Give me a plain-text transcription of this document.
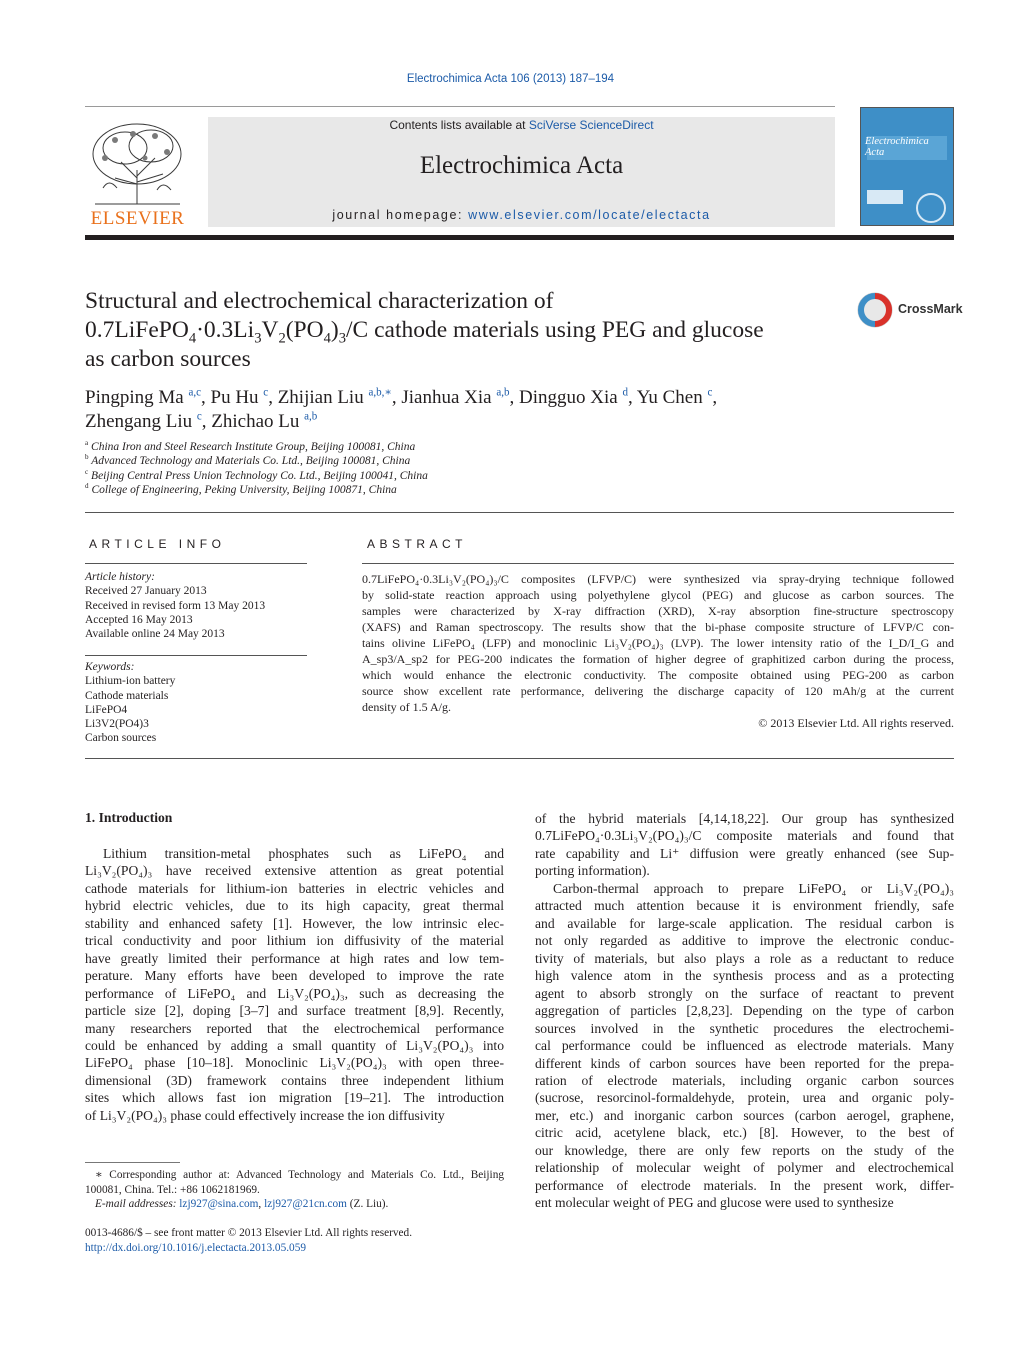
Electrochimica Acta 106 (2013) 187–194
ELSEVIER
Contents lists available at SciVerse ScienceDirect
Electrochimica Acta
journal homepage: www.elsevier.com/locate/electacta
Electrochimica Acta
Structural and electrochemical characterization of
$0.7LiFePO_4\cdot 0.3Li_3V_2(PO_4)_3/C$ cathode materials using PEG and glucose
as carbon sources
CrossMark
Pingping Ma $^{a,c}$, Pu Hu $^c$, Zhijian Liu $^{a,b,∗}$, Jianhua Xia $^{a,b}$, Dingguo Xia $^d$, Yu Chen $^c$,
Zhengang Liu $^c$, Zhichao Lu $^{a,b}$
$^a$ China Iron and Steel Research Institute Group, Beijing 100081, China
$^b$ Advanced Technology and Materials Co. Ltd., Beijing 100081, China
$^c$ Beijing Central Press Union Technology Co. Ltd., Beijing 100041, China
$^d$ College of Engineering, Peking University, Beijing 100871, China
ARTICLE INFO
Article history:
Received 27 January 2013
Received in revised form 13 May 2013
Accepted 16 May 2013
Available online 24 May 2013
Keywords:
Lithium-ion battery
Cathode materials
LiFePO4
Li3V2(PO4)3
Carbon sources
ABSTRACT
0.7LiFePO₄·0.3Li₃V₂(PO₄)₃/C composites (LFVP/C) were synthesized via spray-drying technique followed
by solid-state reaction approach using polyethylene glycol (PEG) and glucose as carbon sources. The
samples were characterized by X-ray diffraction (XRD), X-ray absorption fine-structure spectroscopy
(XAFS) and Raman spectroscopy. The results show that the bi-phase composite structure of LFVP/C con-
tains olivine LiFePO₄ (LFP) and monoclinic Li₃V₂(PO₄)₃ (LVP). The lower intensity ratio of the I_D/I_G and
A_sp3/A_sp2 for PEG-200 indicates the formation of higher degree of graphitized carbon during the process,
which would enhance the electronic conductivity. The composite obtained using PEG-200 as carbon
source show excellent rate performance, delivering the discharge capacity of 120 mAh/g at the current
density of 1.5 A/g.
© 2013 Elsevier Ltd. All rights reserved.
1. Introduction
Lithium transition-metal phosphates such as LiFePO₄ and
Li₃V₂(PO₄)₃ have received extensive attention as great potential
cathode materials for lithium-ion batteries in electric vehicles and
hybrid electric vehicles, due to its high capacity, great thermal
stability and enhanced safety [1]. However, the low intrinsic elec-
trical conductivity and poor lithium ion diffusivity of the material
have greatly limited their performance at high rates and low tem-
perature. Many efforts have been developed to improve the rate
performance of LiFePO₄ and Li₃V₂(PO₄)₃, such as decreasing the
particle size [2], doping [3–7] and surface treatment [8,9]. Recently,
many researchers reported that the electrochemical performance
could be enhanced by adding a small quantity of Li₃V₂(PO₄)₃ into
LiFePO₄ phase [10–18]. Monoclinic Li₃V₂(PO₄)₃ with open three-
dimensional (3D) framework contains three independent lithium
sites which allows fast ion migration [19–21]. The introduction
of Li₃V₂(PO₄)₃ phase could effectively increase the ion diffusivity
of the hybrid materials [4,14,18,22]. Our group has synthesized
0.7LiFePO₄·0.3Li₃V₂(PO₄)₃/C composite materials and found that
rate capability and Li⁺ diffusion were greatly enhanced (see Sup-
porting information).
Carbon-thermal approach to prepare LiFePO₄ or Li₃V₂(PO₄)₃
attracted much attention because it is environment friendly, safe
and available for large-scale application. The residual carbon is
not only regarded as additive to improve the electronic conduc-
tivity of materials, but also plays a role as a reductant to reduce
high valence atom in the synthesis process and as a protecting
agent to absorb strongly on the surface of reactant to prevent
aggregation of particles [2,8,23]. Depending on the type of carbon
sources involved in the synthetic procedures the electrochemi-
cal performance could be influenced as electrode materials. Many
different kinds of carbon sources have been reported for the prepa-
ration of electrode materials, including organic carbon sources
(sucrose, resorcinol-formaldehyde, protein, urea and organic poly-
mer, etc.) and inorganic carbon sources (carbon aerogel, graphene,
citric acid, acetylene black, etc.) [8]. However, to the best of
our knowledge, there are only few reports on the study of the
relationship of molecular weight of polymer and electrochemical
performance of electrode materials. In the present work, differ-
ent molecular weight of PEG and glucose were used to synthesize
∗ Corresponding author at: Advanced Technology and Materials Co. Ltd., Beijing
100081, China. Tel.: +86 1062181969.
E-mail addresses: lzj927@sina.com, lzj927@21cn.com (Z. Liu).
0013-4686/$ – see front matter © 2013 Elsevier Ltd. All rights reserved.
http://dx.doi.org/10.1016/j.electacta.2013.05.059
